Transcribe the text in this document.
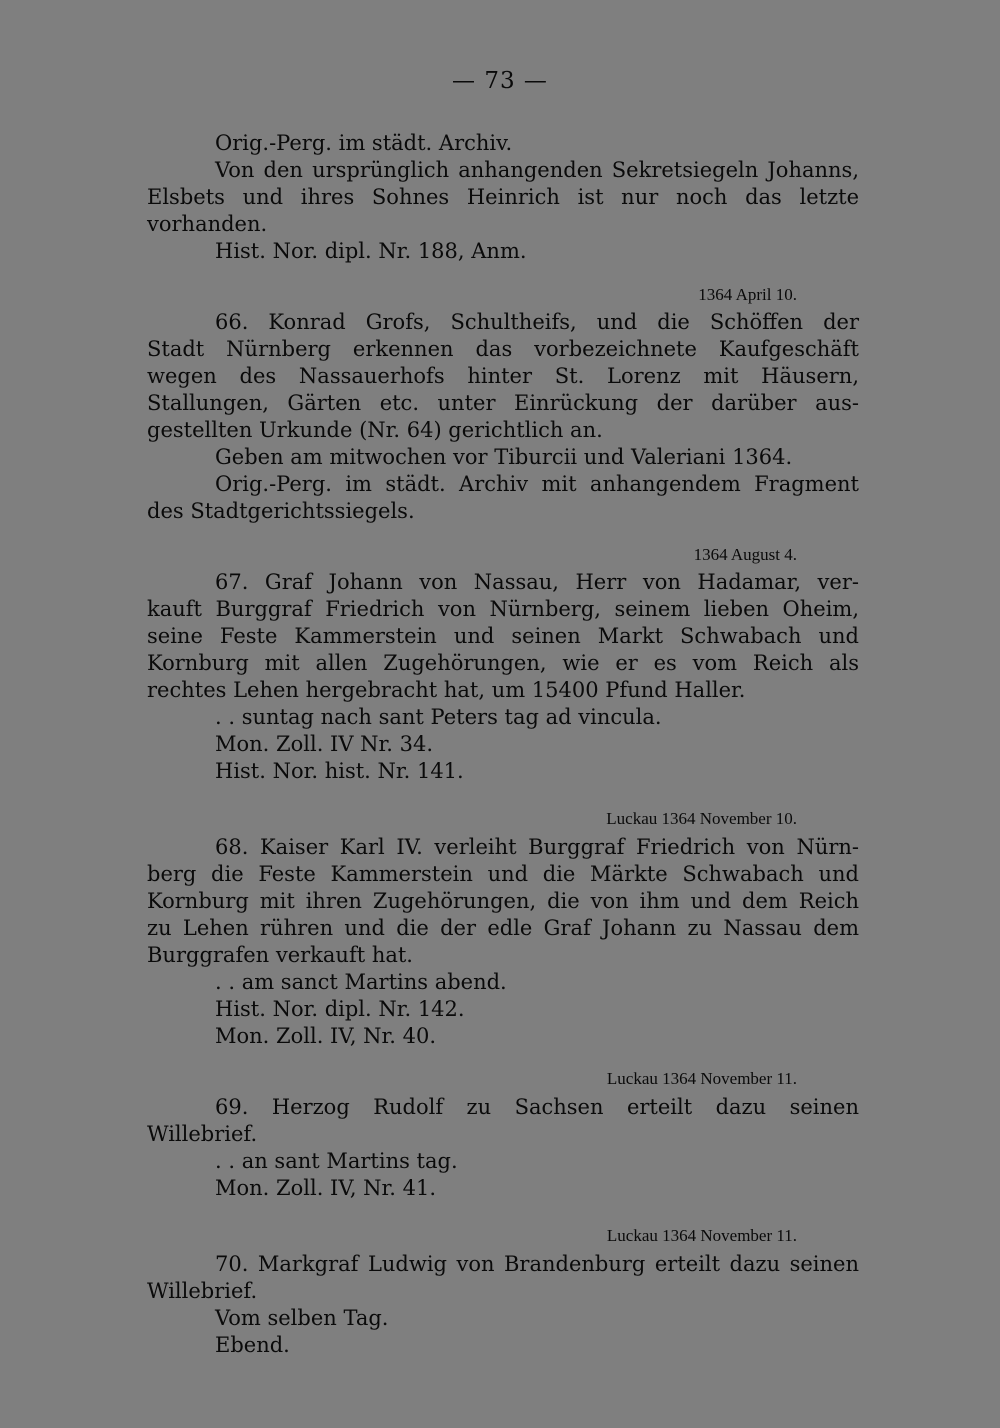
— 73 —

Orig.-Perg. im städt. Archiv.

Von den ursprünglich anhangenden Sekretsiegeln Johanns,

Elsbets und ihres Sohnes Heinrich ist nur noch das letzte

vorhanden.

Hist. Nor. dipl. Nr. 188, Anm.

1364 April 10.

66. Konrad Grofs, Schultheifs, und die Schöffen der

Stadt Nürnberg erkennen das vorbezeichnete Kaufgeschäft

wegen des Nassauerhofs hinter St. Lorenz mit Häusern,

Stallungen, Gärten etc. unter Einrückung der darüber aus-

gestellten Urkunde (Nr. 64) gerichtlich an.

Geben am mitwochen vor Tiburcii und Valeriani 1364.

Orig.-Perg. im städt. Archiv mit anhangendem Fragment

des Stadtgerichtssiegels.

1364 August 4.

67. Graf Johann von Nassau, Herr von Hadamar, ver-

kauft Burggraf Friedrich von Nürnberg, seinem lieben Oheim,

seine Feste Kammerstein und seinen Markt Schwabach und

Kornburg mit allen Zugehörungen, wie er es vom Reich als

rechtes Lehen hergebracht hat, um 15400 Pfund Haller.

. . suntag nach sant Peters tag ad vincula.

Mon. Zoll. IV Nr. 34.

Hist. Nor. hist. Nr. 141.

Luckau 1364 November 10.

68. Kaiser Karl IV. verleiht Burggraf Friedrich von Nürn-

berg die Feste Kammerstein und die Märkte Schwabach und

Kornburg mit ihren Zugehörungen, die von ihm und dem Reich

zu Lehen rühren und die der edle Graf Johann zu Nassau dem

Burggrafen verkauft hat.

. . am sanct Martins abend.

Hist. Nor. dipl. Nr. 142.

Mon. Zoll. IV, Nr. 40.

Luckau 1364 November 11.

69. Herzog Rudolf zu Sachsen erteilt dazu seinen

Willebrief.

. . an sant Martins tag.

Mon. Zoll. IV, Nr. 41.

Luckau 1364 November 11.

70. Markgraf Ludwig von Brandenburg erteilt dazu seinen

Willebrief.

Vom selben Tag.

Ebend.
